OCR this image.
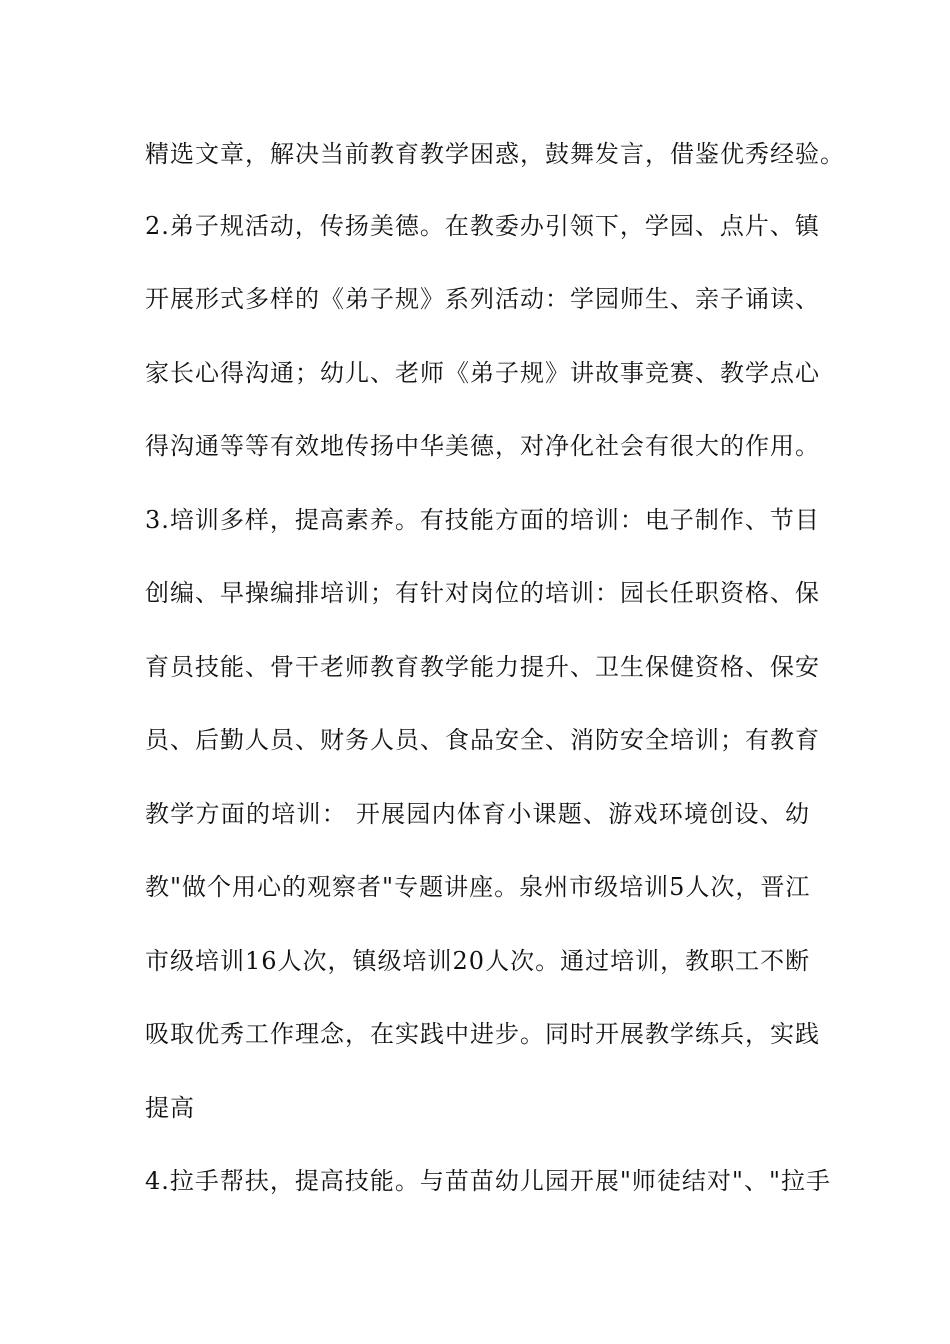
精选文章，解决当前教育教学困惑，鼓舞发言，借鉴优秀经验。
2.弟子规活动，传扬美德。在教委办引领下，学园、点片、镇
开展形式多样的《弟子规》系列活动：学园师生、亲子诵读、
家长心得沟通；幼儿、老师《弟子规》讲故事竞赛、教学点心
得沟通等等有效地传扬中华美德，对净化社会有很大的作用。
3.培训多样，提高素养。有技能方面的培训：电子制作、节目
创编、早操编排培训；有针对岗位的培训：园长任职资格、保
育员技能、骨干老师教育教学能力提升、卫生保健资格、保安
员、后勤人员、财务人员、食品安全、消防安全培训；有教育
教学方面的培训： 开展园内体育小课题、游戏环境创设、幼
教"做个用心的观察者"专题讲座。泉州市级培训5人次，晋江
市级培训16人次，镇级培训20人次。通过培训，教职工不断
吸取优秀工作理念，在实践中进步。同时开展教学练兵，实践
提高
4.拉手帮扶，提高技能。与苗苗幼儿园开展"师徒结对"、"拉手
